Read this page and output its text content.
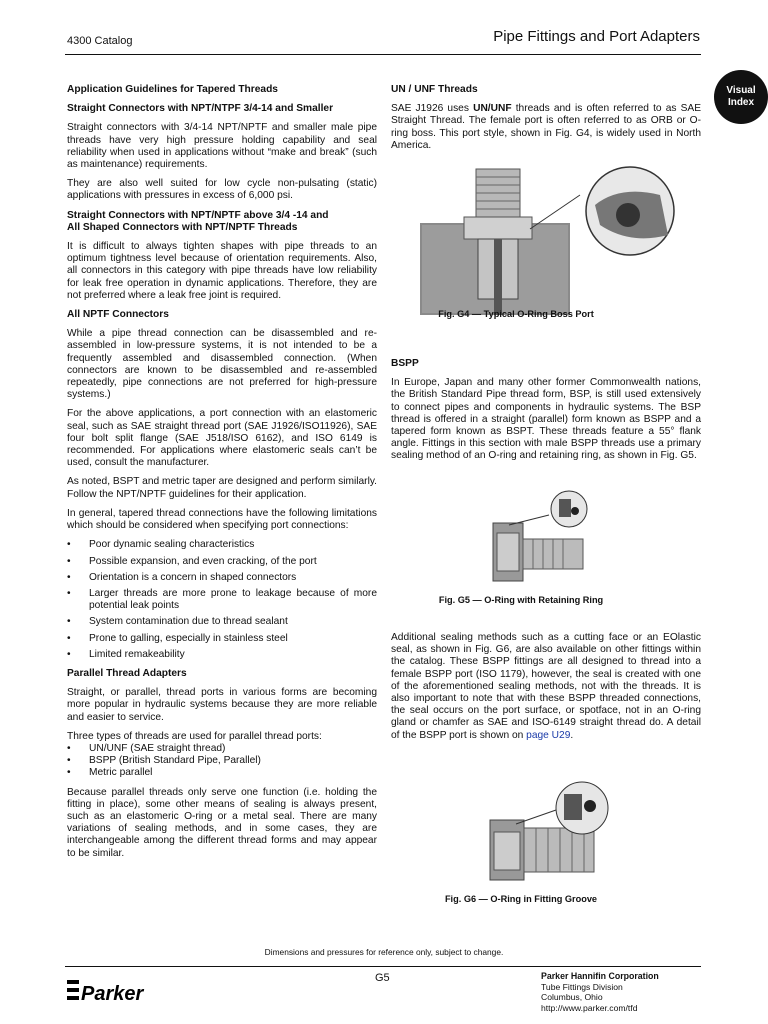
4300 Catalog	Pipe Fittings and Port Adapters
Visual
Index
Application Guidelines for Tapered Threads
Straight Connectors with NPT/NTPF 3/4-14 and Smaller

Straight connectors with 3/4-14 NPT/NPTF and smaller male pipe threads have very high pressure holding capability and seal reliability when used in applications without “make and break” (such as maintenance) requirements.

They are also well suited for low cycle non-pulsating (static) applications with pressures in excess of 6,000 psi.

Straight Connectors with NPT/NPTF above 3/4 -14 and
All Shaped Connectors with NPT/NPTF Threads

It is difficult to always tighten shapes with pipe threads to an optimum tightness level because of orientation requirements. Also, all connectors in this category with pipe threads have low reliability for leak free operation in dynamic applications. Therefore, they are not preferred where a leak free joint is required.

All NPTF Connectors

While a pipe thread connection can be disassembled and re-assembled in low-pressure systems, it is not intended to be a frequently assembled and disassembled connection. (When connectors are known to be disassembled and re-assembled repeatedly, pipe connections are not preferred for high-pressure systems.)

For the above applications, a port connection with an elastomeric seal, such as SAE straight thread port (SAE J1926/ISO11926), SAE four bolt split flange (SAE J518/ISO 6162), and ISO 6149 is recommended. For applications where elastomeric seals can’t be used, consult the manufacturer.

As noted, BSPT and metric taper are designed and perform similarly. Follow the NPT/NPTF guidelines for their application.

In general, tapered thread connections have the following limitations which should be considered when specifying port connections:

• Poor dynamic sealing characteristics
• Possible expansion, and even cracking, of the port
• Orientation is a concern in shaped connectors
• Larger threads are more prone to leakage because of more potential leak points
• System contamination due to thread sealant
• Prone to galling, especially in stainless steel
• Limited remakeability
Parallel Thread Adapters

Straight, or parallel, thread ports in various forms are becoming more popular in hydraulic systems because they are more reliable and easier to service.

Three types of threads are used for parallel thread ports:

• UN/UNF (SAE straight thread)
• BSPP (British Standard Pipe, Parallel)
• Metric parallel

Because parallel threads only serve one function (i.e. holding the fitting in place), some other means of sealing is always present, such as an elastomeric O-ring or a metal seal. There are many variations of sealing methods, and in some cases, they are interchangeable among the different thread forms and may appear to be similar.

UN / UNF Threads

SAE J1926 uses UN/UNF threads and is often referred to as SAE Straight Thread. The female port is often referred to as ORB or O-ring boss. This port style, shown in Fig. G4, is widely used in North America.

Fig. G4 — Typical O-Ring Boss Port
BSPP

In Europe, Japan and many other former Commonwealth nations, the British Standard Pipe thread form, BSP, is still used extensively to connect pipes and components in hydraulic systems. The BSP thread is offered in a straight (parallel) form known as BSPP and a tapered form known as BSPT. These threads feature a 55° flank angle. Fittings in this section with male BSPP threads use a primary sealing method of an O-ring and retaining ring, as shown in Fig. G5.

Fig. G5 — O-Ring with Retaining Ring

Additional sealing methods such as a cutting face or an EOlastic seal, as shown in Fig. G6, are also available on other fittings within the catalog. These BSPP fittings are all designed to thread into a female BSPP port (ISO 1179), however, the seal is created with one of the aforementioned sealing methods, not with the threads. It is also important to note that with these BSPP threaded connections, the seal occurs on the port surface, or spotface, not in an O-ring gland or chamfer as SAE and ISO-6149 straight thread do. A detail of the BSPP port is shown on page U29.

Fig. G6 — O-Ring in Fitting Groove
Dimensions and pressures for reference only, subject to change.
Parker
G5	Parker Hannifin Corporation
Tube Fittings Division
Columbus, Ohio
http://www.parker.com/tfd
